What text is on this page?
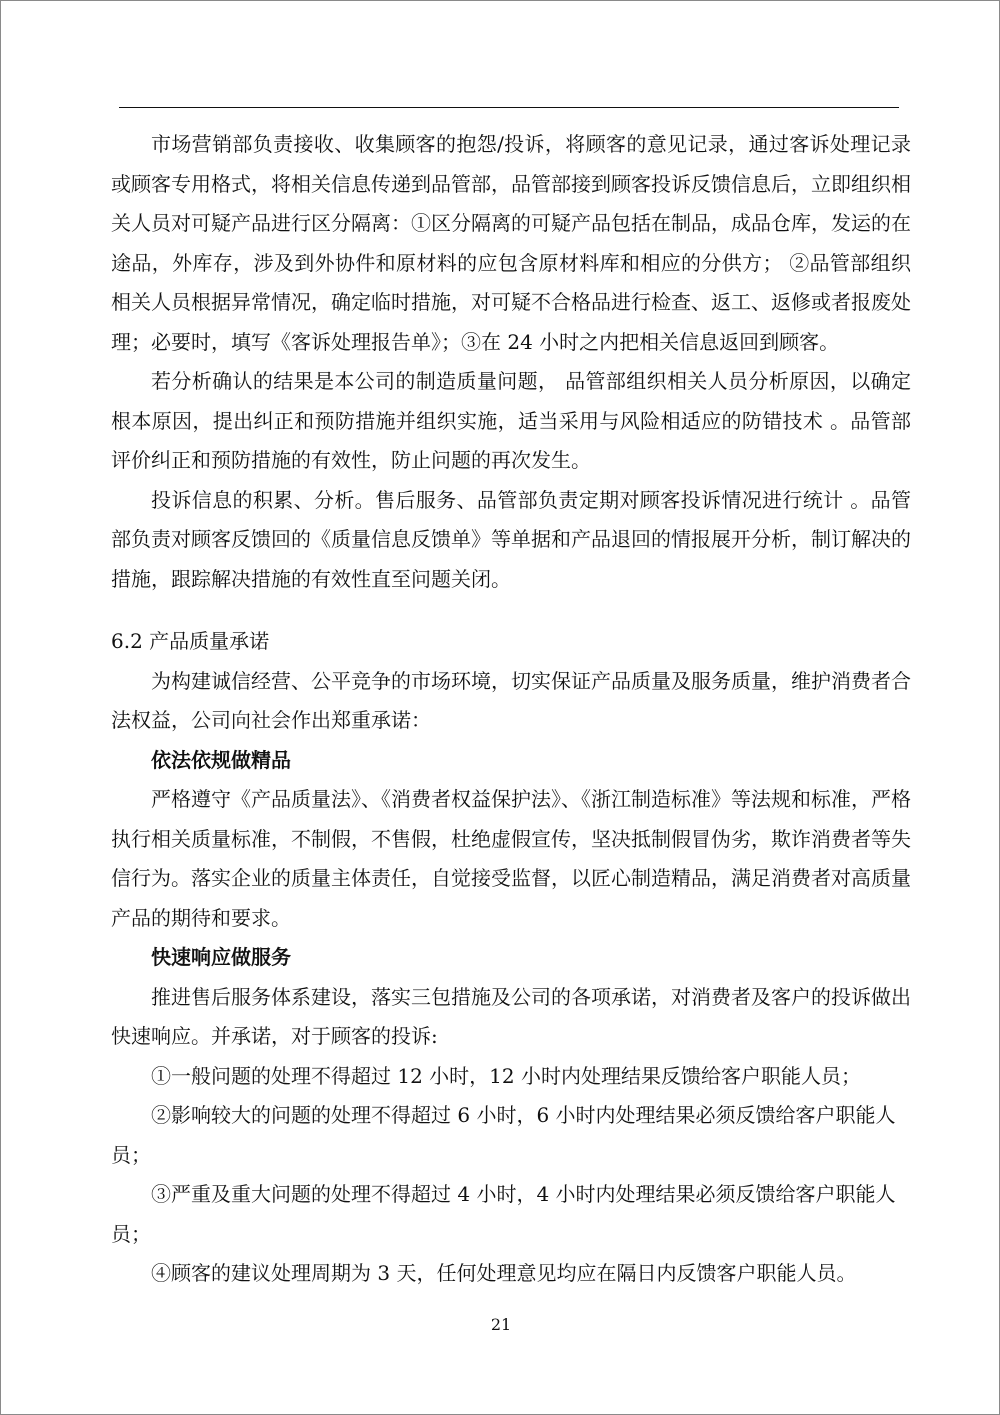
市场营销部负责接收、收集顾客的抱怨/投诉，将顾客的意见记录，通过客诉处理记录或顾客专用格式，将相关信息传递到品管部，品管部接到顾客投诉反馈信息后，立即组织相关人员对可疑产品进行区分隔离：①区分隔离的可疑产品包括在制品，成品仓库，发运的在途品，外库存，涉及到外协件和原材料的应包含原材料库和相应的分供方； ②品管部组织相关人员根据异常情况，确定临时措施，对可疑不合格品进行检查、返工、返修或者报废处理；必要时，填写《客诉处理报告单》；③在 24 小时之内把相关信息返回到顾客。

若分析确认的结果是本公司的制造质量问题， 品管部组织相关人员分析原因，以确定根本原因，提出纠正和预防措施并组织实施，适当采用与风险相适应的防错技术 。品管部评价纠正和预防措施的有效性，防止问题的再次发生。

投诉信息的积累、分析。售后服务、品管部负责定期对顾客投诉情况进行统计 。品管部负责对顾客反馈回的《质量信息反馈单》等单据和产品退回的情报展开分析，制订解决的措施，跟踪解决措施的有效性直至问题关闭。

6.2 产品质量承诺

为构建诚信经营、公平竞争的市场环境，切实保证产品质量及服务质量，维护消费者合法权益，公司向社会作出郑重承诺：

依法依规做精品

严格遵守《产品质量法》、《消费者权益保护法》、《浙江制造标准》等法规和标准，严格执行相关质量标准，不制假，不售假，杜绝虚假宣传，坚决抵制假冒伪劣，欺诈消费者等失信行为。落实企业的质量主体责任，自觉接受监督，以匠心制造精品，满足消费者对高质量产品的期待和要求。

快速响应做服务

推进售后服务体系建设，落实三包措施及公司的各项承诺，对消费者及客户的投诉做出快速响应。并承诺，对于顾客的投诉:

①一般问题的处理不得超过 12 小时，12 小时内处理结果反馈给客户职能人员；

②影响较大的问题的处理不得超过 6 小时，6 小时内处理结果必须反馈给客户职能人员；

③严重及重大问题的处理不得超过 4 小时，4 小时内处理结果必须反馈给客户职能人员；

④顾客的建议处理周期为 3 天，任何处理意见均应在隔日内反馈客户职能人员。

21
